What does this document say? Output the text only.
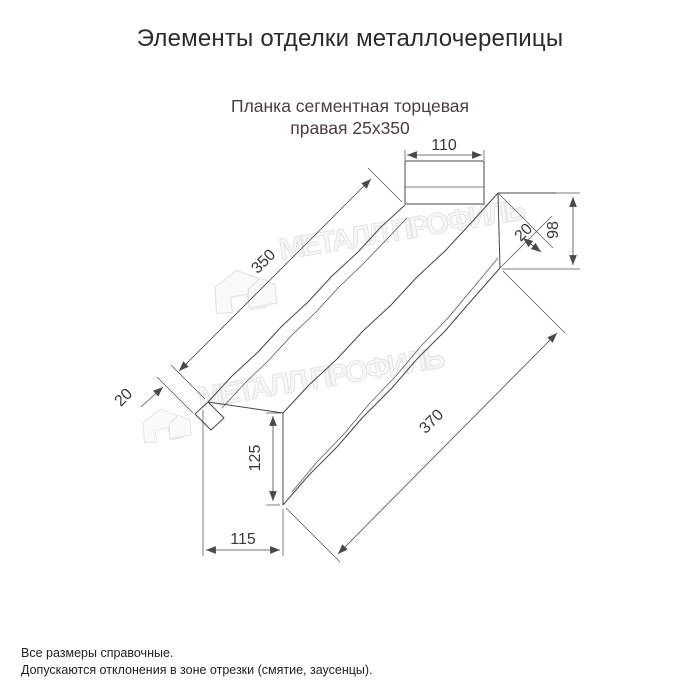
Элементы отделки металлочерепицы
Планка сегментная торцевая
правая 25х350
МЕТАЛЛ ПРОФИЛЬ
МЕТАЛЛ ПРОФИЛЬ
110
350
20
98
20
125
115
370
Все размеры справочные.
Допускаются отклонения в зоне отрезки (смятие, заусенцы).
